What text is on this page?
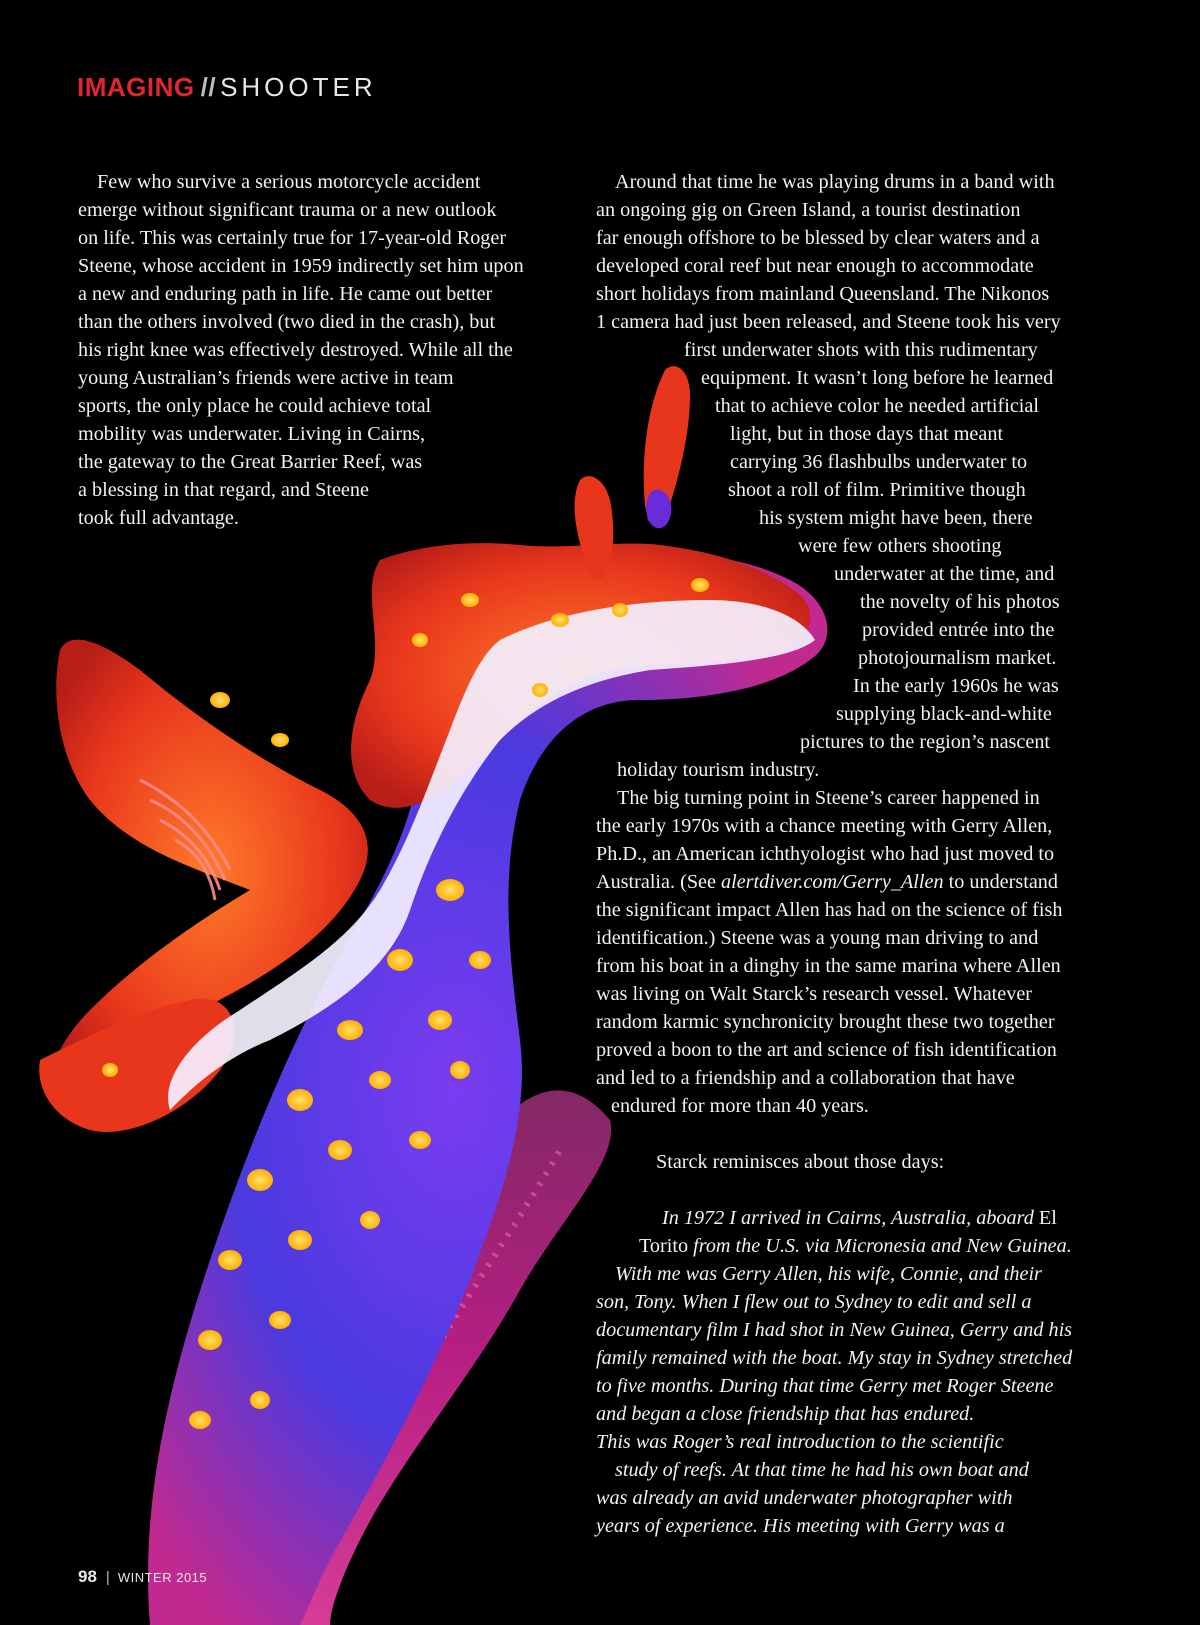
IMAGING // SHOOTER
Few who survive a serious motorcycle accident
emerge without significant trauma or a new outlook
on life. This was certainly true for 17-year-old Roger
Steene, whose accident in 1959 indirectly set him upon
a new and enduring path in life. He came out better
than the others involved (two died in the crash), but
his right knee was effectively destroyed. While all the
young Australian’s friends were active in team
sports, the only place he could achieve total
mobility was underwater. Living in Cairns,
the gateway to the Great Barrier Reef, was
a blessing in that regard, and Steene
took full advantage.
Around that time he was playing drums in a band with
an ongoing gig on Green Island, a tourist destination
far enough offshore to be blessed by clear waters and a
developed coral reef but near enough to accommodate
short holidays from mainland Queensland. The Nikonos
1 camera had just been released, and Steene took his very
first underwater shots with this rudimentary
equipment. It wasn’t long before he learned
that to achieve color he needed artificial
light, but in those days that meant
carrying 36 flashbulbs underwater to
shoot a roll of film. Primitive though
his system might have been, there
were few others shooting
underwater at the time, and
the novelty of his photos
provided entrée into the
photojournalism market.
In the early 1960s he was
supplying black-and-white
pictures to the region’s nascent
holiday tourism industry.
The big turning point in Steene’s career happened in
the early 1970s with a chance meeting with Gerry Allen,
Ph.D., an American ichthyologist who had just moved to
Australia. (See alertdiver.com/Gerry_Allen to understand
the significant impact Allen has had on the science of fish
identification.) Steene was a young man driving to and
from his boat in a dinghy in the same marina where Allen
was living on Walt Starck’s research vessel. Whatever
random karmic synchronicity brought these two together
proved a boon to the art and science of fish identification
and led to a friendship and a collaboration that have
endured for more than 40 years.
Starck reminisces about those days:
In 1972 I arrived in Cairns, Australia, aboard El
Torito from the U.S. via Micronesia and New Guinea.
With me was Gerry Allen, his wife, Connie, and their
son, Tony. When I flew out to Sydney to edit and sell a
documentary film I had shot in New Guinea, Gerry and his
family remained with the boat. My stay in Sydney stretched
to five months. During that time Gerry met Roger Steene
and began a close friendship that has endured.
This was Roger’s real introduction to the scientific
study of reefs. At that time he had his own boat and
was already an avid underwater photographer with
years of experience. His meeting with Gerry was a
98 | WINTER 2015
